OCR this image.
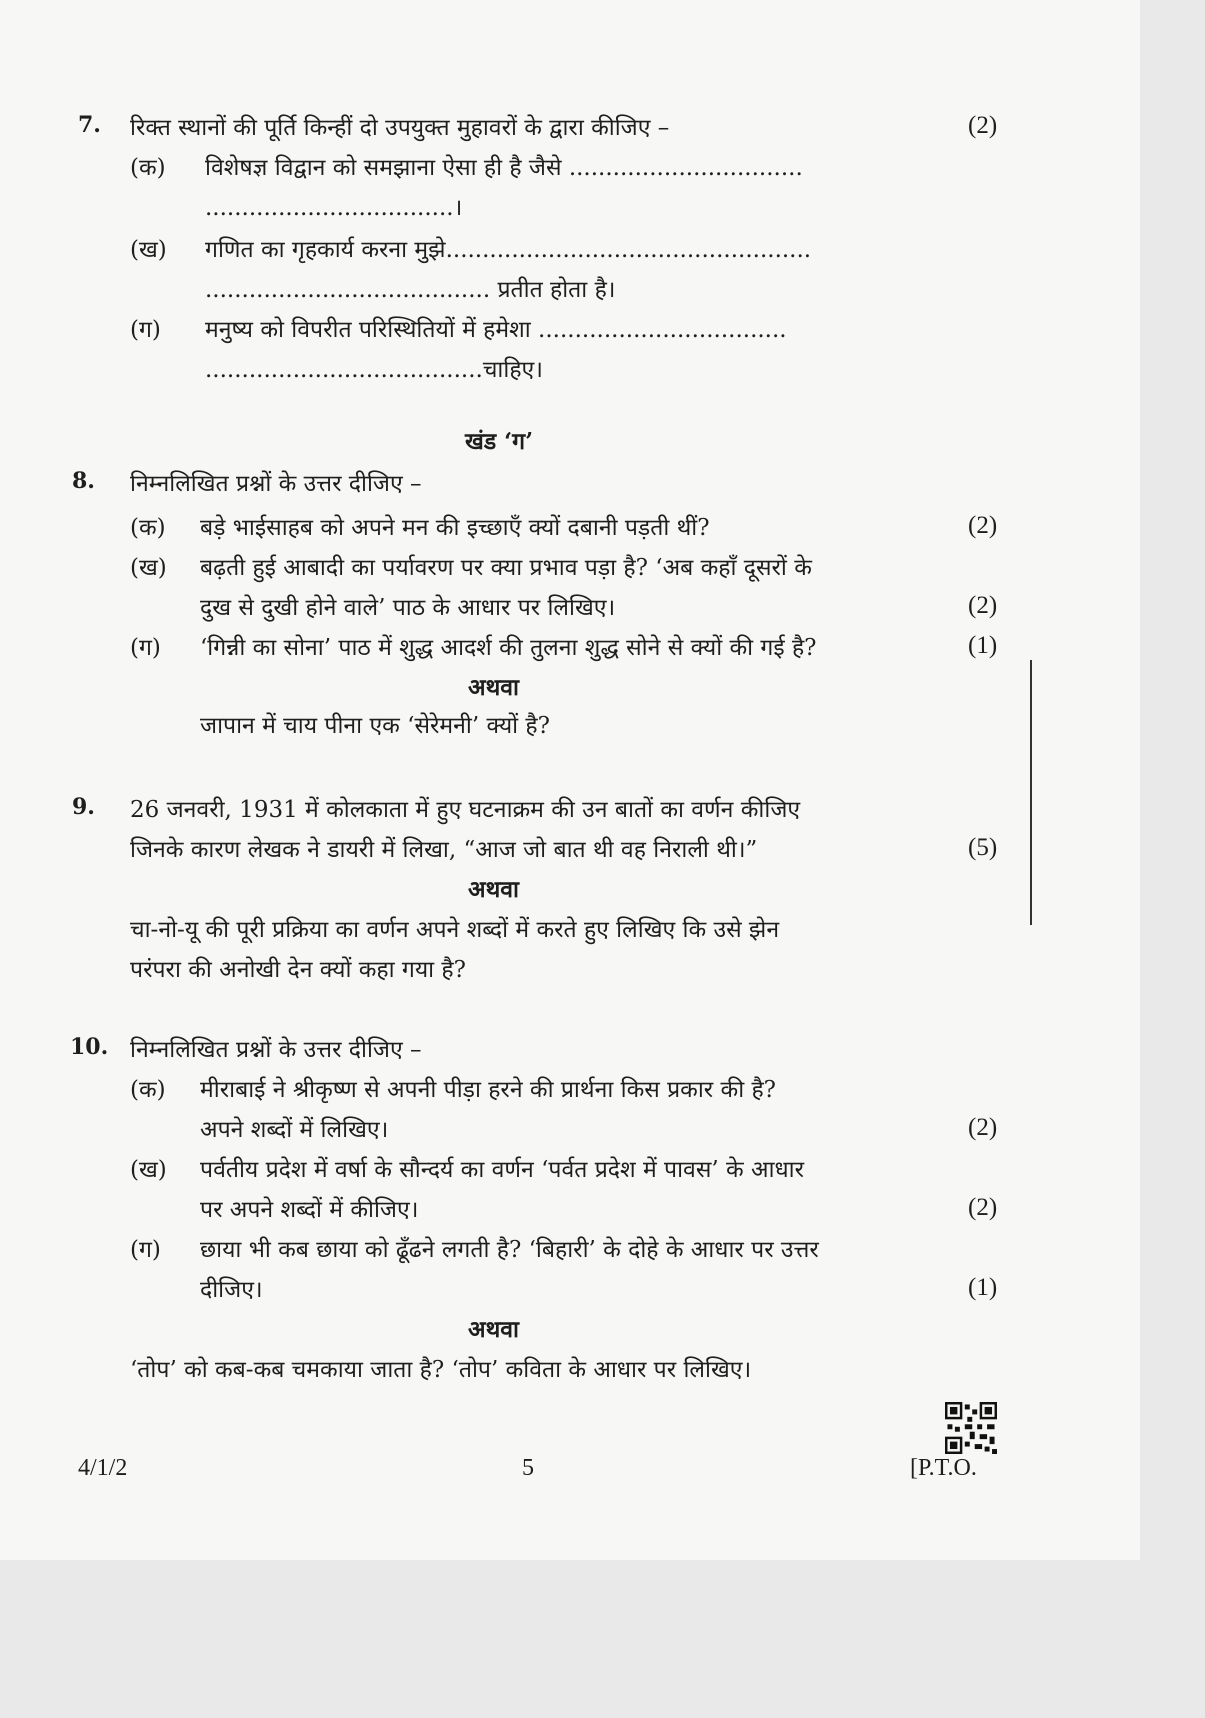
7. रिक्त स्थानों की पूर्ति किन्हीं दो उपयुक्त मुहावरों के द्वारा कीजिए –	(2)
(क) विशेषज्ञ विद्वान को समझाना ऐसा ही है जैसे ................................
..................................।
(ख) गणित का गृहकार्य करना मुझे..................................................
....................................... प्रतीत होता है।
(ग) मनुष्य को विपरीत परिस्थितियों में हमेशा ..................................
......................................चाहिए।
खंड ‘ग’
8. निम्नलिखित प्रश्नों के उत्तर दीजिए –
(क) बड़े भाईसाहब को अपने मन की इच्छाएँ क्यों दबानी पड़ती थीं?	(2)
(ख) बढ़ती हुई आबादी का पर्यावरण पर क्या प्रभाव पड़ा है? ‘अब कहाँ दूसरों के
दुख से दुखी होने वाले’ पाठ के आधार पर लिखिए।	(2)
(ग) ‘गिन्नी का सोना’ पाठ में शुद्ध आदर्श की तुलना शुद्ध सोने से क्यों की गई है?	(1)
अथवा
जापान में चाय पीना एक ‘सेरेमनी’ क्यों है?
9. 26 जनवरी, 1931 में कोलकाता में हुए घटनाक्रम की उन बातों का वर्णन कीजिए
जिनके कारण लेखक ने डायरी में लिखा, “आज जो बात थी वह निराली थी।”	(5)
अथवा
चा-नो-यू की पूरी प्रक्रिया का वर्णन अपने शब्दों में करते हुए लिखिए कि उसे झेन
परंपरा की अनोखी देन क्यों कहा गया है?
10. निम्नलिखित प्रश्नों के उत्तर दीजिए –
(क) मीराबाई ने श्रीकृष्ण से अपनी पीड़ा हरने की प्रार्थना किस प्रकार की है?
अपने शब्दों में लिखिए।	(2)
(ख) पर्वतीय प्रदेश में वर्षा के सौन्दर्य का वर्णन ‘पर्वत प्रदेश में पावस’ के आधार
पर अपने शब्दों में कीजिए।	(2)
(ग) छाया भी कब छाया को ढूँढने लगती है? ‘बिहारी’ के दोहे के आधार पर उत्तर
दीजिए।	(1)
अथवा
‘तोप’ को कब-कब चमकाया जाता है? ‘तोप’ कविता के आधार पर लिखिए।
4/1/2	5	[P.T.O.
